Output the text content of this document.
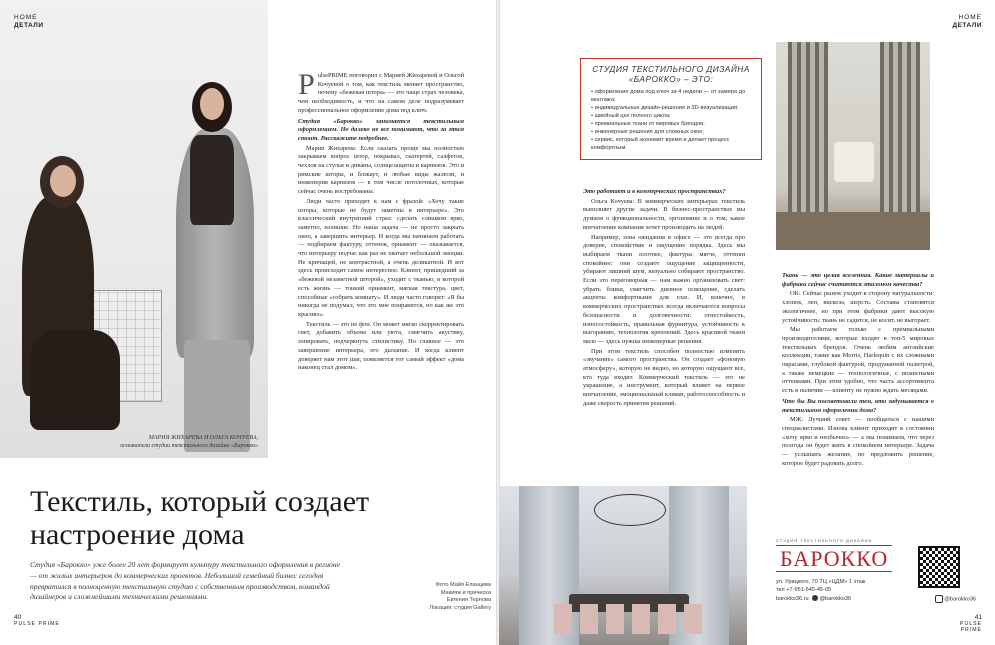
HOME
ДЕТАЛИ
МАРИЯ ЖИХАРЕВА И ОЛЬГА КОЧУЕВА,
основатели студии текстильного дизайна «Барокко»
P ulsePRIME поговорил с Марией Жихаревой и Ольгой Кочуевой о том, как текстиль меняет пространство, почему «бежевая штора» — это чаще страх человека, чем необходимость, и что на самом деле подразумевает профессиональное оформление дома под ключ.

Студия «Барокко» занимается текстильным оформлением. Но далеко не все понимают, что за этим стоит. Расскажите подробнее.

Мария Жихарева: Если сказать проще мы полностью закрываем вопрос штор, покрывал, скатертей, салфеток, чехлов на стулья и диваны, солнцезащиты и карнизов. Это и римские шторы, и блэкаут, и любые виды жалюзи, и инженерия карнизов — в том числе потолочных, которые сейчас очень востребованы.

Люди часто приходят к нам с фразой: «Хочу такие шторы, которые не будут заметны в интерьере». Это классический внутренний страх: сделать слишком ярко, заметно, излишне. Но наша задача — не просто закрыть окно, а завершить интерьер. И когда мы начинаем работать — подбираем фактуру, оттенок, орнамент — оказывается, что интерьеру подчас как раз не хватает небольшой эмоции. Не кричащей, не контрастной, а очень деликатной. И вот здесь происходит самое интересное. Клиент, пришедший за «бежевой незаметной шторой», уходит с тканью, в которой есть жизнь — тонкий орнамент, мягкая текстура, цвет, способные «собрать комнату». И люди часто говорят: «Я бы никогда не подумал, что это мне понравится, но как же это красиво».

Текстиль — это не фон. Он может мягко скорректировать свет, добавить объема или уюта, смягчить акустику, зонировать, подчеркнуть стилистику. Но главное — это завершение интерьера, его дыхание. И когда клиент доверяет нам этот шаг, появляется тот самый эффект «дома наконец стал домом».

Текстиль, который создает настроение дома
Студия «Барокко» уже более 20 лет формирует культуру текстильного оформления в регионе — от жилых интерьеров до коммерческих проектов. Небольшой семейный бизнес сегодня превратился в полноценную текстильную студию с собственным производством, командой дизайнеров и сложнейшими техническими решениями.
Фото Майя Еланцева
Макияж и прическа
Евгения Тернова
Локация: студия Gallery
40
PULSE PRIME
HOME
ДЕТАЛИ
СТУДИЯ ТЕКСТИЛЬНОГО ДИЗАЙНА «БАРОККО» – ЭТО:
• оформление дома под ключ за 4 недели — от замера до монтажа;
• индивидуальные дизайн-решения и 3D-визуализация;
• швейный цех полного цикла;
• премиальные ткани от мировых брендов;
• инженерные решения для сложных окон;
• сервис, который экономит время и делает процесс комфортным.

Это работает и в коммерческих пространствах?

Ольга Кочуева: В коммерческих интерьерах текстиль выполняет другие задачи. В бизнес-пространствах мы думаем о функциональности, эргономике и о том, какое впечатление компания хочет производить на людей.

Например, зона ожидания в офисе — это всегда про доверие, спокойствие и ощущение порядка. Здесь мы выбираем ткани плотнее, фактуры мягче, оттенки спокойнее: они создают ощущение защищенности, убирают лишний шум, визуально собирают пространство. Если это переговорная — нам важно организовать свет: убрать блики, смягчить дневное освещение, сделать акценты комфортными для глаз. И, конечно, в коммерческих пространствах всегда включаются вопросы безопасности и долговечности: огнестойкость, износостойкость, правильная фурнитура, устойчивость к выгоранию, технология креплений. Здесь красивой ткани мало — здесь нужны инженерные решения.

При этом текстиль способен полностью изменить «звучание» самого пространства. Он создает «фоновую атмосферу», которую не видно, но которую ощущают все, кто туда входит. Коммерческий текстиль — это не украшение, а инструмент, который влияет на первое впечатление, эмоциональный климат, работоспособность и даже скорость принятия решений.

Ткань — это целая вселенная. Какие материалы и фабрики сейчас считаются эталоном качества?

ОК: Сейчас рынок уходит в сторону натуральности: хлопок, лен, вискоза, шерсть. Составы становятся экологичнее, но при этом фабрики дают высокую устойчивость: ткань не садится, не косит, не выгорает.

Мы работаем только с премиальными производителями, которые входят в топ-5 мировых текстильных брендов. Очень любим английские коллекции, такие как Morris, Harlequin с их сложными окрасами, глубокой фактурой, продуманной палитрой, а также немецкие — технологичные, с нюансными оттенками. При этом удобно, что часть ассортимента есть в наличии — клиенту не нужно ждать месяцами.

Что бы Вы посоветовали тем, кто задумывается о текстильном оформлении дома?

МЖ: Лучший совет — пообщаться с нашими специалистами. Изнова клиент приходит в состоянии «хочу ярко и необычно» — а мы понимаем, что через полгода он будет жить в спокойном интерьере. Задача — услышать желание, но предложить решение, которое будет радовать долго.

СТУДИЯ ТЕКСТИЛЬНОГО ДИЗАЙНА
БАРОККО
ул. Урицкого, 70 ТЦ «ЦДМ» 1 этаж
тел +7-951-545-45-05
barokko36.ru @barokko36	@barokko36
41
PULSE PRIME
